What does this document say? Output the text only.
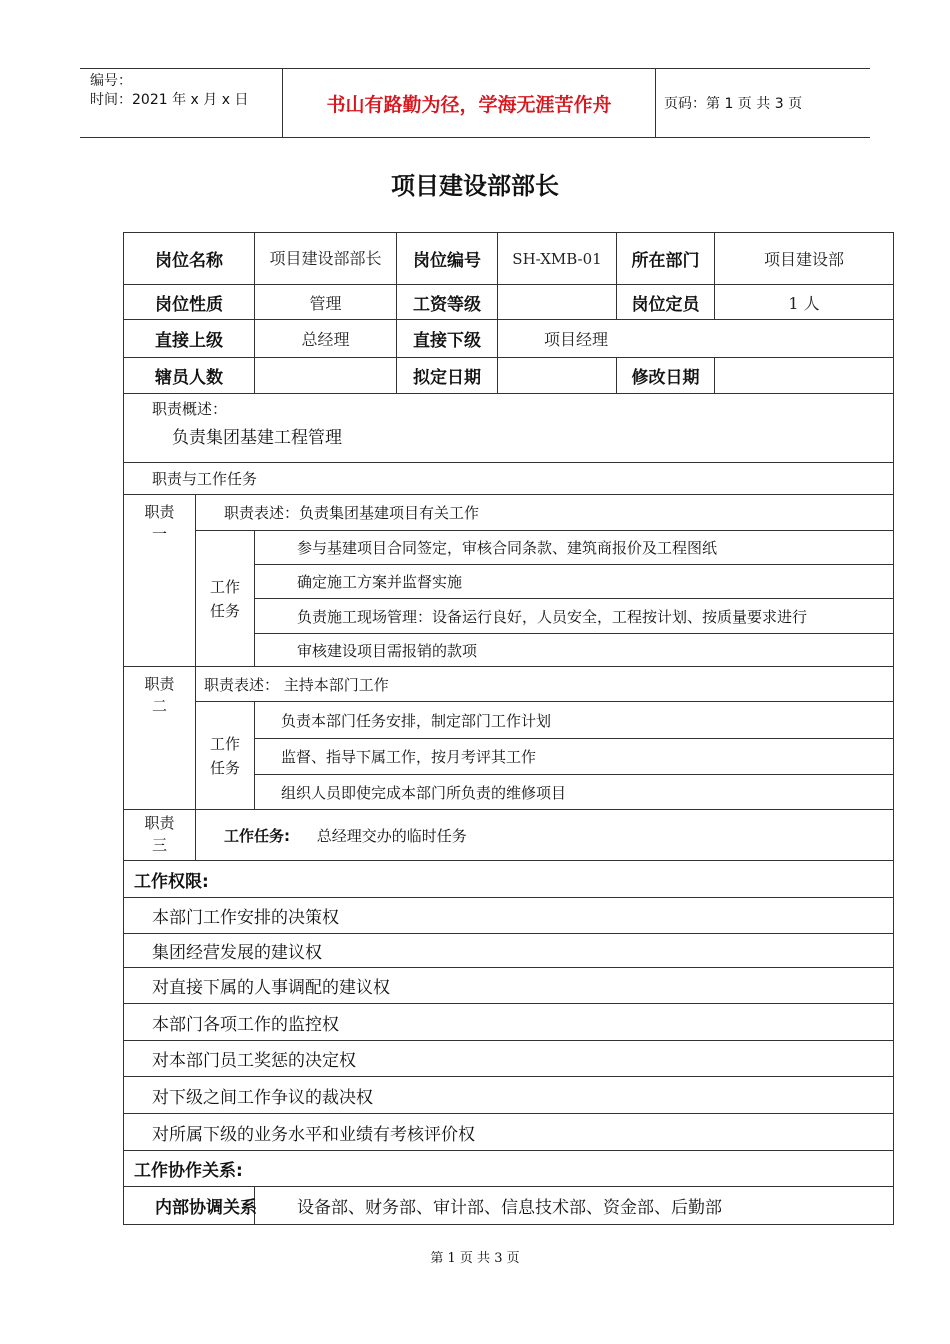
编号：
时间：2021 年 x 月 x 日	书山有路勤为径，学海无涯苦作舟	页码：第 1 页 共 3 页
项目建设部部长
岗位名称		项目建设部部长	岗位编号	SH-XMB-01	所在部门	项目建设部
岗位性质		管理	工资等级		岗位定员	1 人
直接上级		总经理	直接下级	项目经理		
辖员人数			拟定日期		修改日期	

职责概述：
负责集团基建工程管理						

职责与工作任务						
职责一	职责表述：负责集团基建项目有关工作					
	工作任务	参与基建项目合同签定，审核合同条款、建筑商报价及工程图纸				
		确定施工方案并监督实施				
		负责施工现场管理：设备运行良好，人员安全，工程按计划、按质量要求进行				
		审核建设项目需报销的款项				
职责二	职责表述： 主持本部门工作					
	工作任务	负责本部门任务安排，制定部门工作计划				
		监督、指导下属工作，按月考评其工作				
		组织人员即使完成本部门所负责的维修项目				
职责三	工作任务: 总经理交办的临时任务					
工作权限:						
本部门工作安排的决策权						
集团经营发展的建议权						
对直接下属的人事调配的建议权						
本部门各项工作的监控权						
对本部门员工奖惩的决定权						
对下级之间工作争议的裁决权						
对所属下级的业务水平和业绩有考核评价权						
工作协作关系:						
内部协调关系		设备部、财务部、审计部、信息技术部、资金部、后勤部				
第 1 页 共 3 页
